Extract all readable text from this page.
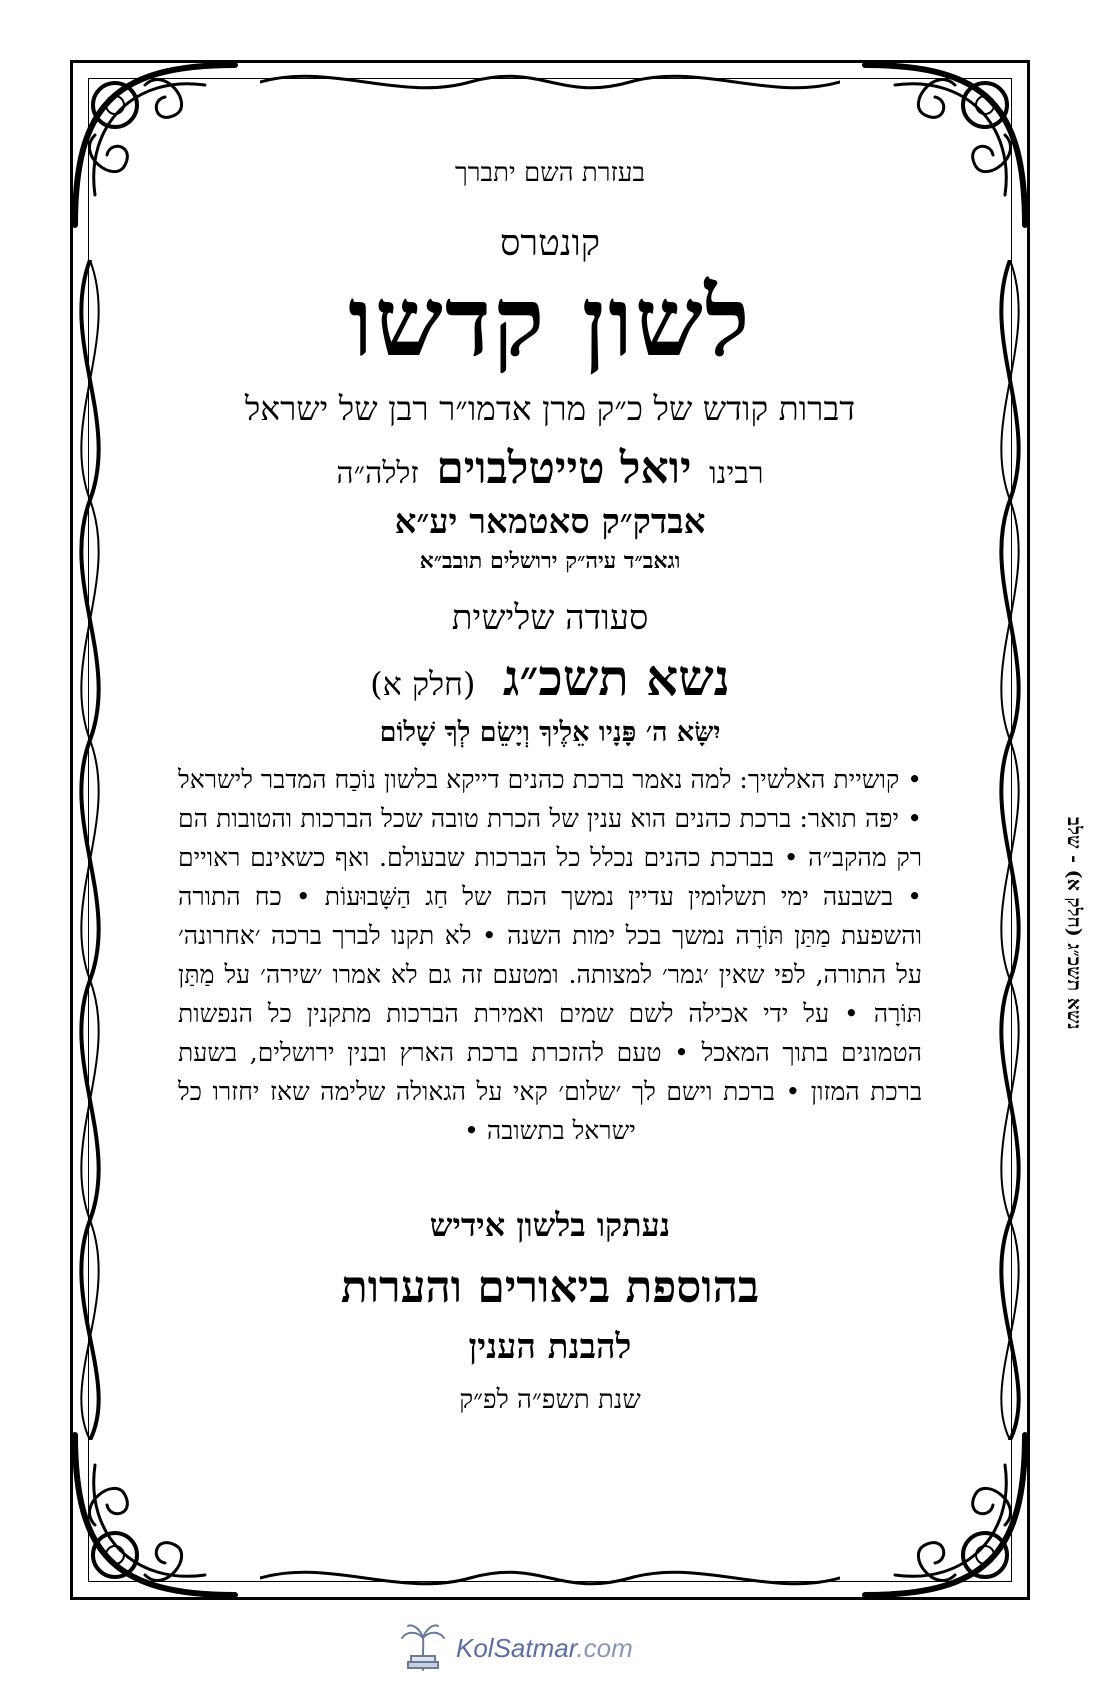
בעזרת השם יתברך
קונטרס
לשון קדשו
דברות קודש של כ״ק מרן אדמו״ר רבן של ישראל
רבינו יואל טייטלבוים זללה״ה
אבדק״ק סאטמאר יע״א
וגאב״ד עיה״ק ירושלים תובב״א
סעודה שלישית
נשא תשכ״ג (חלק א)
יִשָּׂא ה׳ פָּנָיו אֵלֶיךָ וְיָשֵׂם לְךָ שָׁלוֹם
• קושיית האלשיך: למה נאמר ברכת כהנים דייקא בלשון נוֹכַח המדבר לישראל • יפה תואר: ברכת כהנים הוא ענין של הכרת טובה שכל הברכות והטובות הם רק מהקב״ה • בברכת כהנים נכלל כל הברכות שבעולם. ואף כשאינם ראויים • בשבעה ימי תשלומין עדיין נמשך הכח של חַג הַשָּׁבוּעוֹת • כח התורה והשפעת מַתַּן תּוֹרָה נמשך בכל ימות השנה • לא תקנו לברך ברכה ׳אחרונה׳ על התורה, לפי שאין ׳גמר׳ למצותה. ומטעם זה גם לא אמרו ׳שירה׳ על מַתַּן תּוֹרָה • על ידי אכילה לשם שמים ואמירת הברכות מתקנין כל הנפשות הטמונים בתוך המאכל • טעם להזכרת ברכת הארץ ובנין ירושלים, בשעת ברכת המזון • ברכת וישם לך ׳שלום׳ קאי על הגאולה שלימה שאז יחזרו כל ישראל בתשובה •
נעתקו בלשון אידיש
בהוספת ביאורים והערות
להבנת הענין
שנת תשפ״ה לפ״ק
נשא תשכ״ג (חלק א) - שלב
KolSatmar.com
